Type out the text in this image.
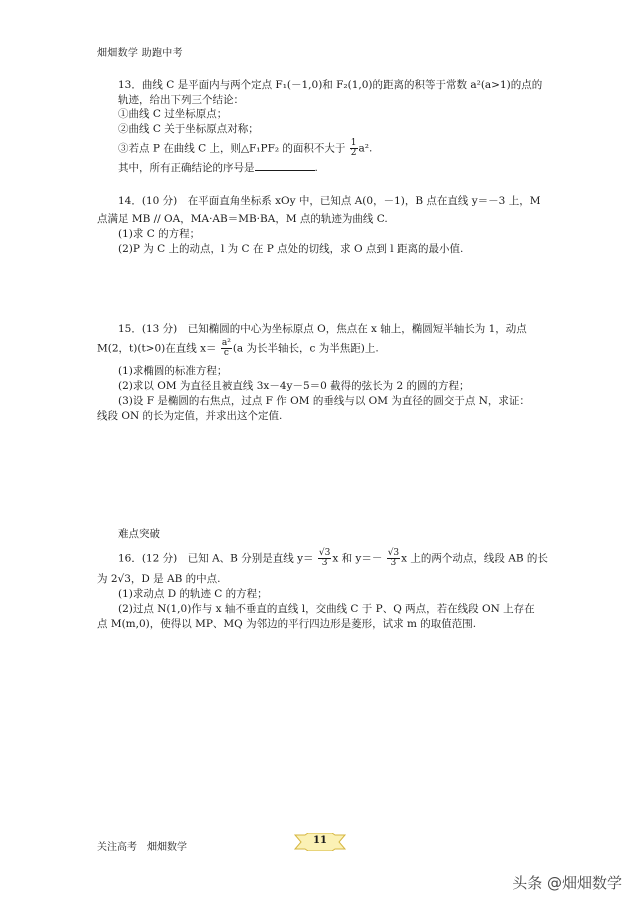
畑畑数学 助跑中考
13．曲线 C 是平面内与两个定点 F₁(－1,0)和 F₂(1,0)的距离的积等于常数 a²(a>1)的点的
轨迹，给出下列三个结论：
①曲线 C 过坐标原点；
②曲线 C 关于坐标原点对称；
③若点 P 在曲线 C 上，则△F₁PF₂ 的面积不大于 $\frac{1}{2} a^2$.
其中，所有正确结论的序号是	.
14．(10 分)　在平面直角坐标系 xOy 中，已知点 A(0，－1)，B 点在直线 y＝－3 上，M
点满足 MB // OA，MA·AB＝MB·BA，M 点的轨迹为曲线 C.
(1)求 C 的方程；
(2)P 为 C 上的动点，l 为 C 在 P 点处的切线，求 O 点到 l 距离的最小值.
15．(13 分)　已知椭圆的中心为坐标原点 O，焦点在 x 轴上，椭圆短半轴长为 1，动点
M(2，t)(t>0)在直线 $x= \frac{\text{a²}}{c} (a$ 为长半轴长，c 为半焦距)上.
(1)求椭圆的标准方程；
(2)求以 OM 为直径且被直线 3x－4y－5＝0 截得的弦长为 2 的圆的方程；
(3)设 F 是椭圆的右焦点，过点 F 作 OM 的垂线与以 OM 为直径的圆交于点 N，求证：
线段 ON 的长为定值，并求出这个定值.
难点突破
16．(12 分)　已知 A、B 分别是直线 $y= \frac{√3}{3}$ x 和 $y=- \frac{√3}{3}$ x 上的两个动点，线段 AB 的长
为 2√3，D 是 AB 的中点.
(1)求动点 D 的轨迹 C 的方程；
(2)过点 N(1,0)作与 x 轴不垂直的直线 l，交曲线 C 于 P、Q 两点，若在线段 ON 上存在
点 M(m,0)，使得以 MP、MQ 为邻边的平行四边形是菱形，试求 m 的取值范围.
关注高考　畑畑数学
11
头条 @畑畑数学
